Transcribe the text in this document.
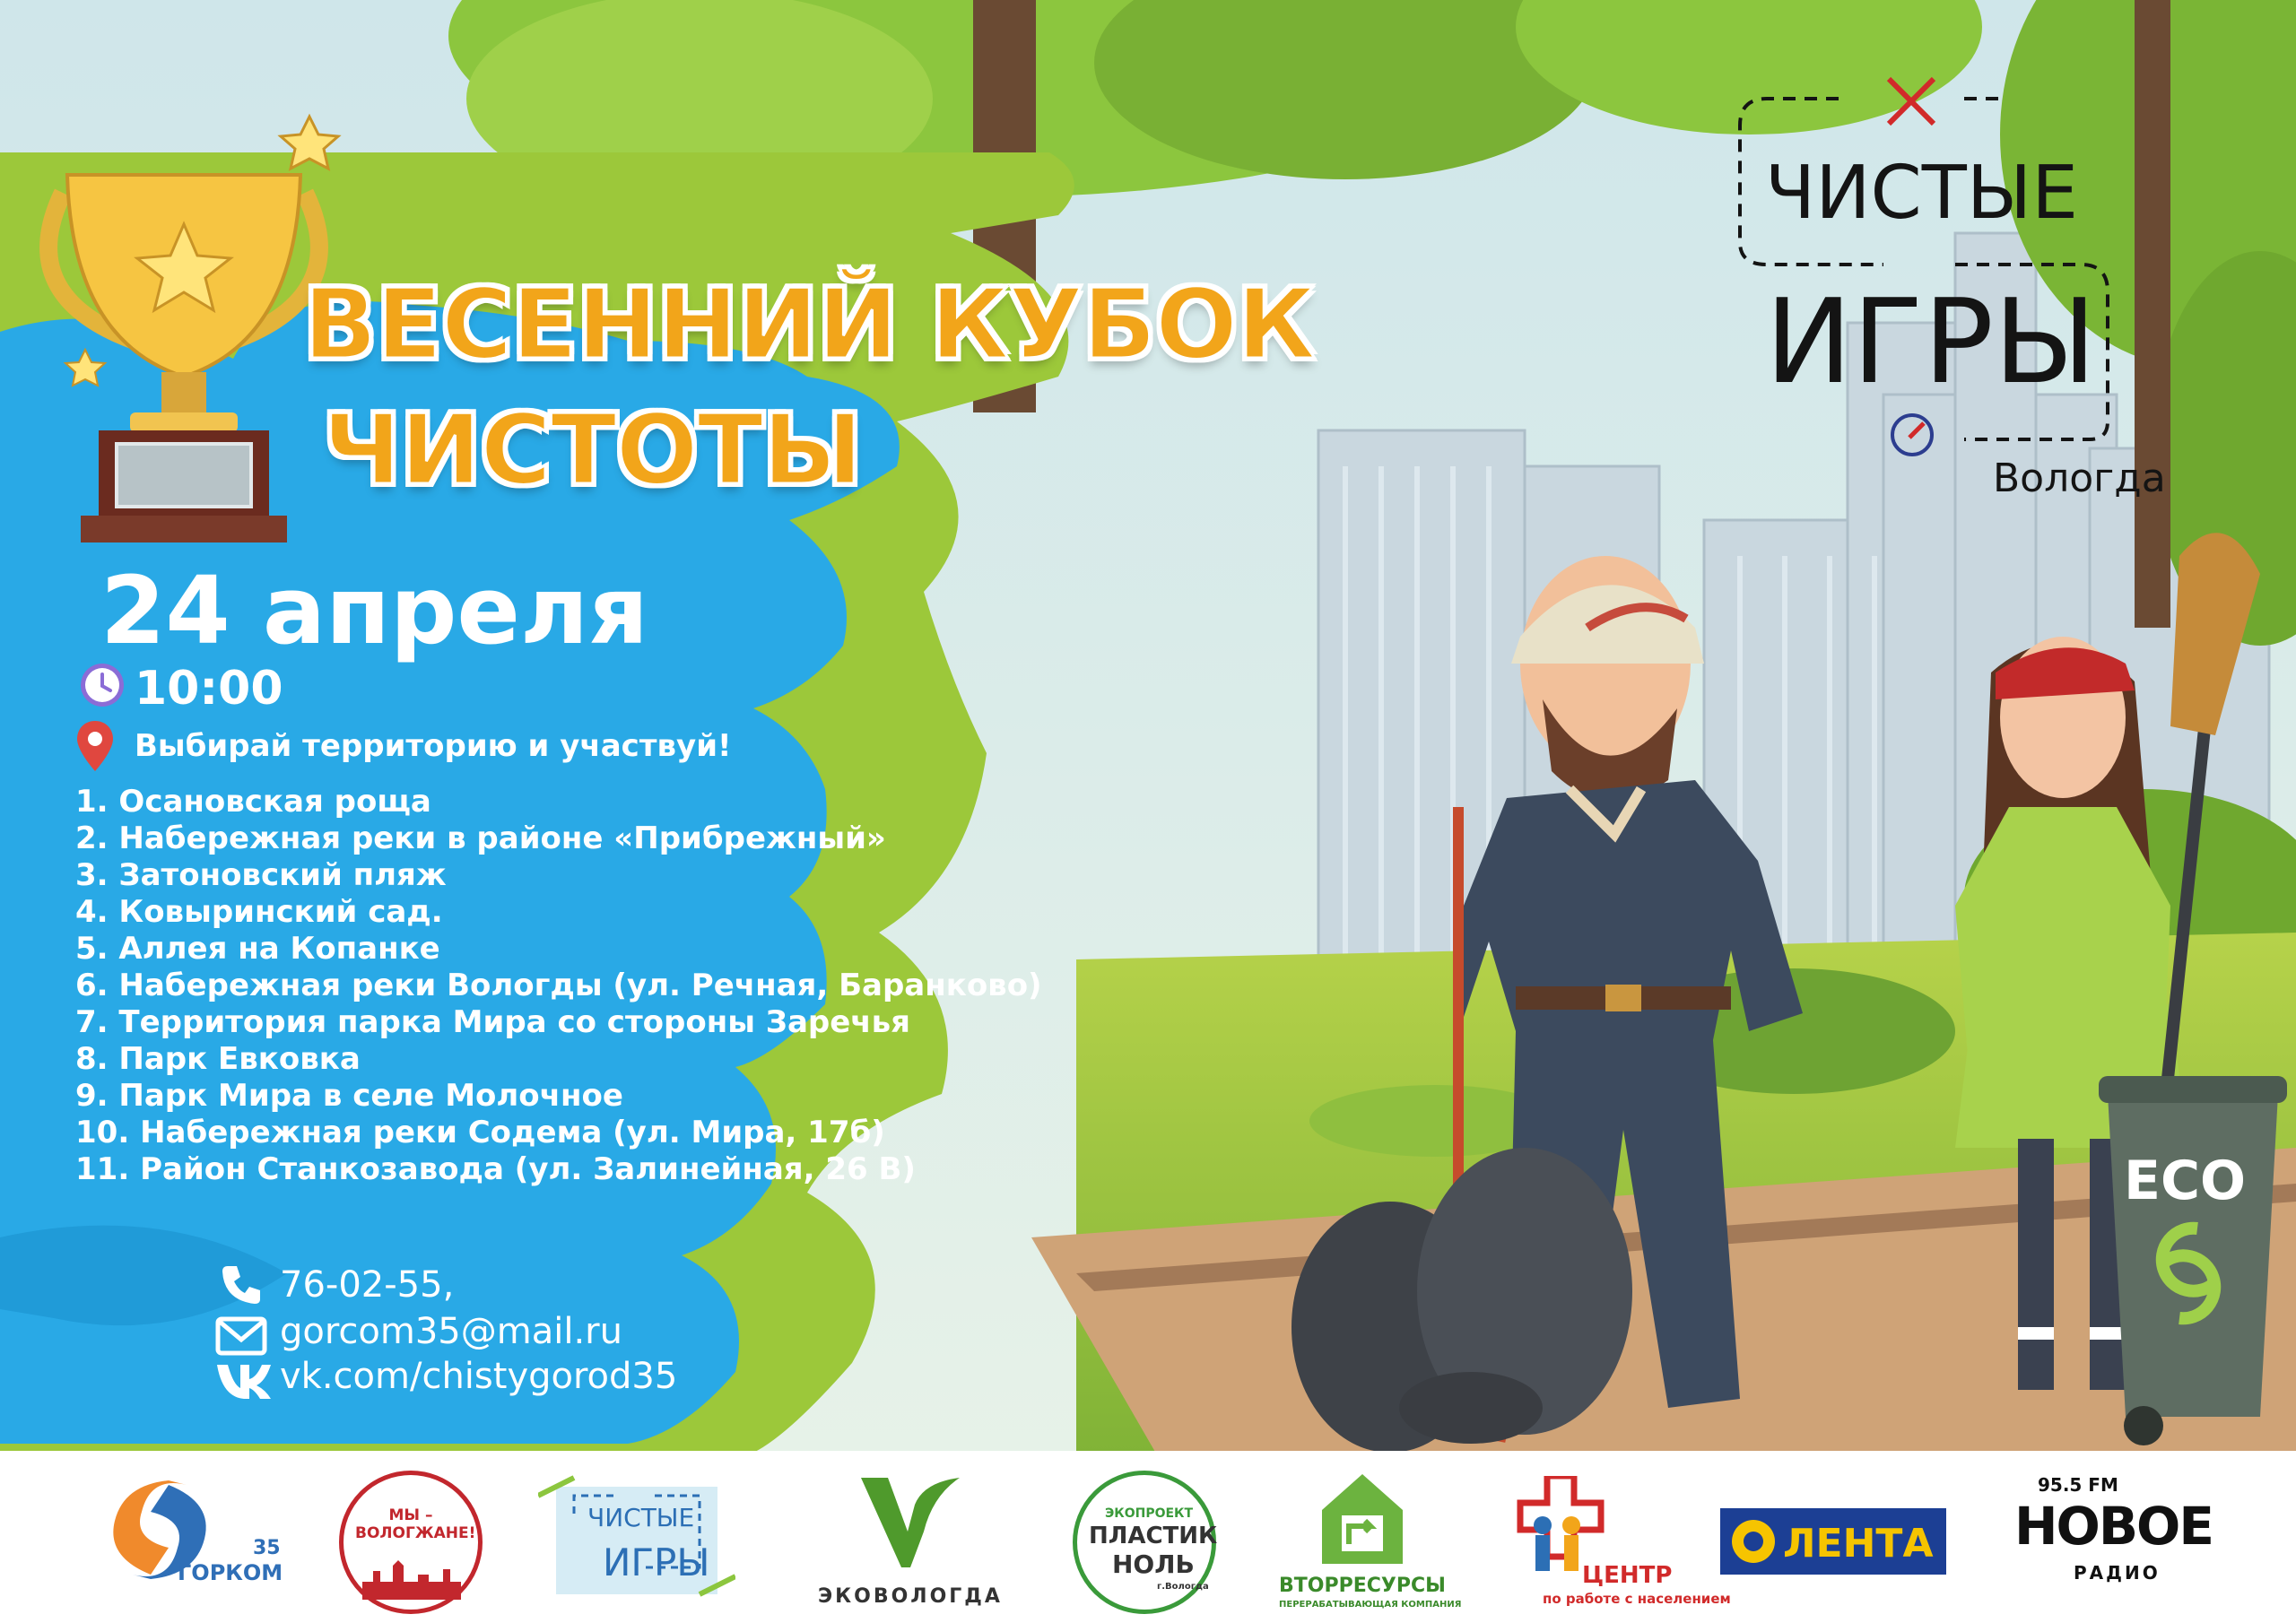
ВЕСЕННИЙ КУБОК
ЧИСТОТЫ
24 апреля
10:00
Выбирай территорию и участвуй!
1. Осановская роща
2. Набережная реки в районе «Прибрежный»
3. Затоновский пляж
4. Ковыринский сад.
5. Аллея на Копанке
6. Набережная реки Вологды (ул. Речная, Баранково)
7. Территория парка Мира со стороны Заречья
8. Парк Евковка
9. Парк Мира в селе Молочное
10. Набережная реки Содема (ул. Мира, 17б)
11. Район Станкозавода (ул. Залинейная, 26 В)
76-02-55,
gorcom35@mail.ru
vk.com/chistygorod35
ЧИСТЫЕ
ИГРЫ
Вологда
ECO
35
ГОРКОМ
МЫ – ВОЛОГЖАНЕ!
ЧИСТЫЕ
ИГРЫ
ЭКОВОЛОГДА
ЭКОПРОЕКТ
ПЛАСТИК
НОЛЬ
г.Вологда	ВТОРРЕСУРСЫ
ПЕРЕРАБАТЫВАЮЩАЯ КОМПАНИЯ
ЦЕНТР
по работе с населением
ЛЕНТА
95.5 FM
НОВОЕ
РАДИО
